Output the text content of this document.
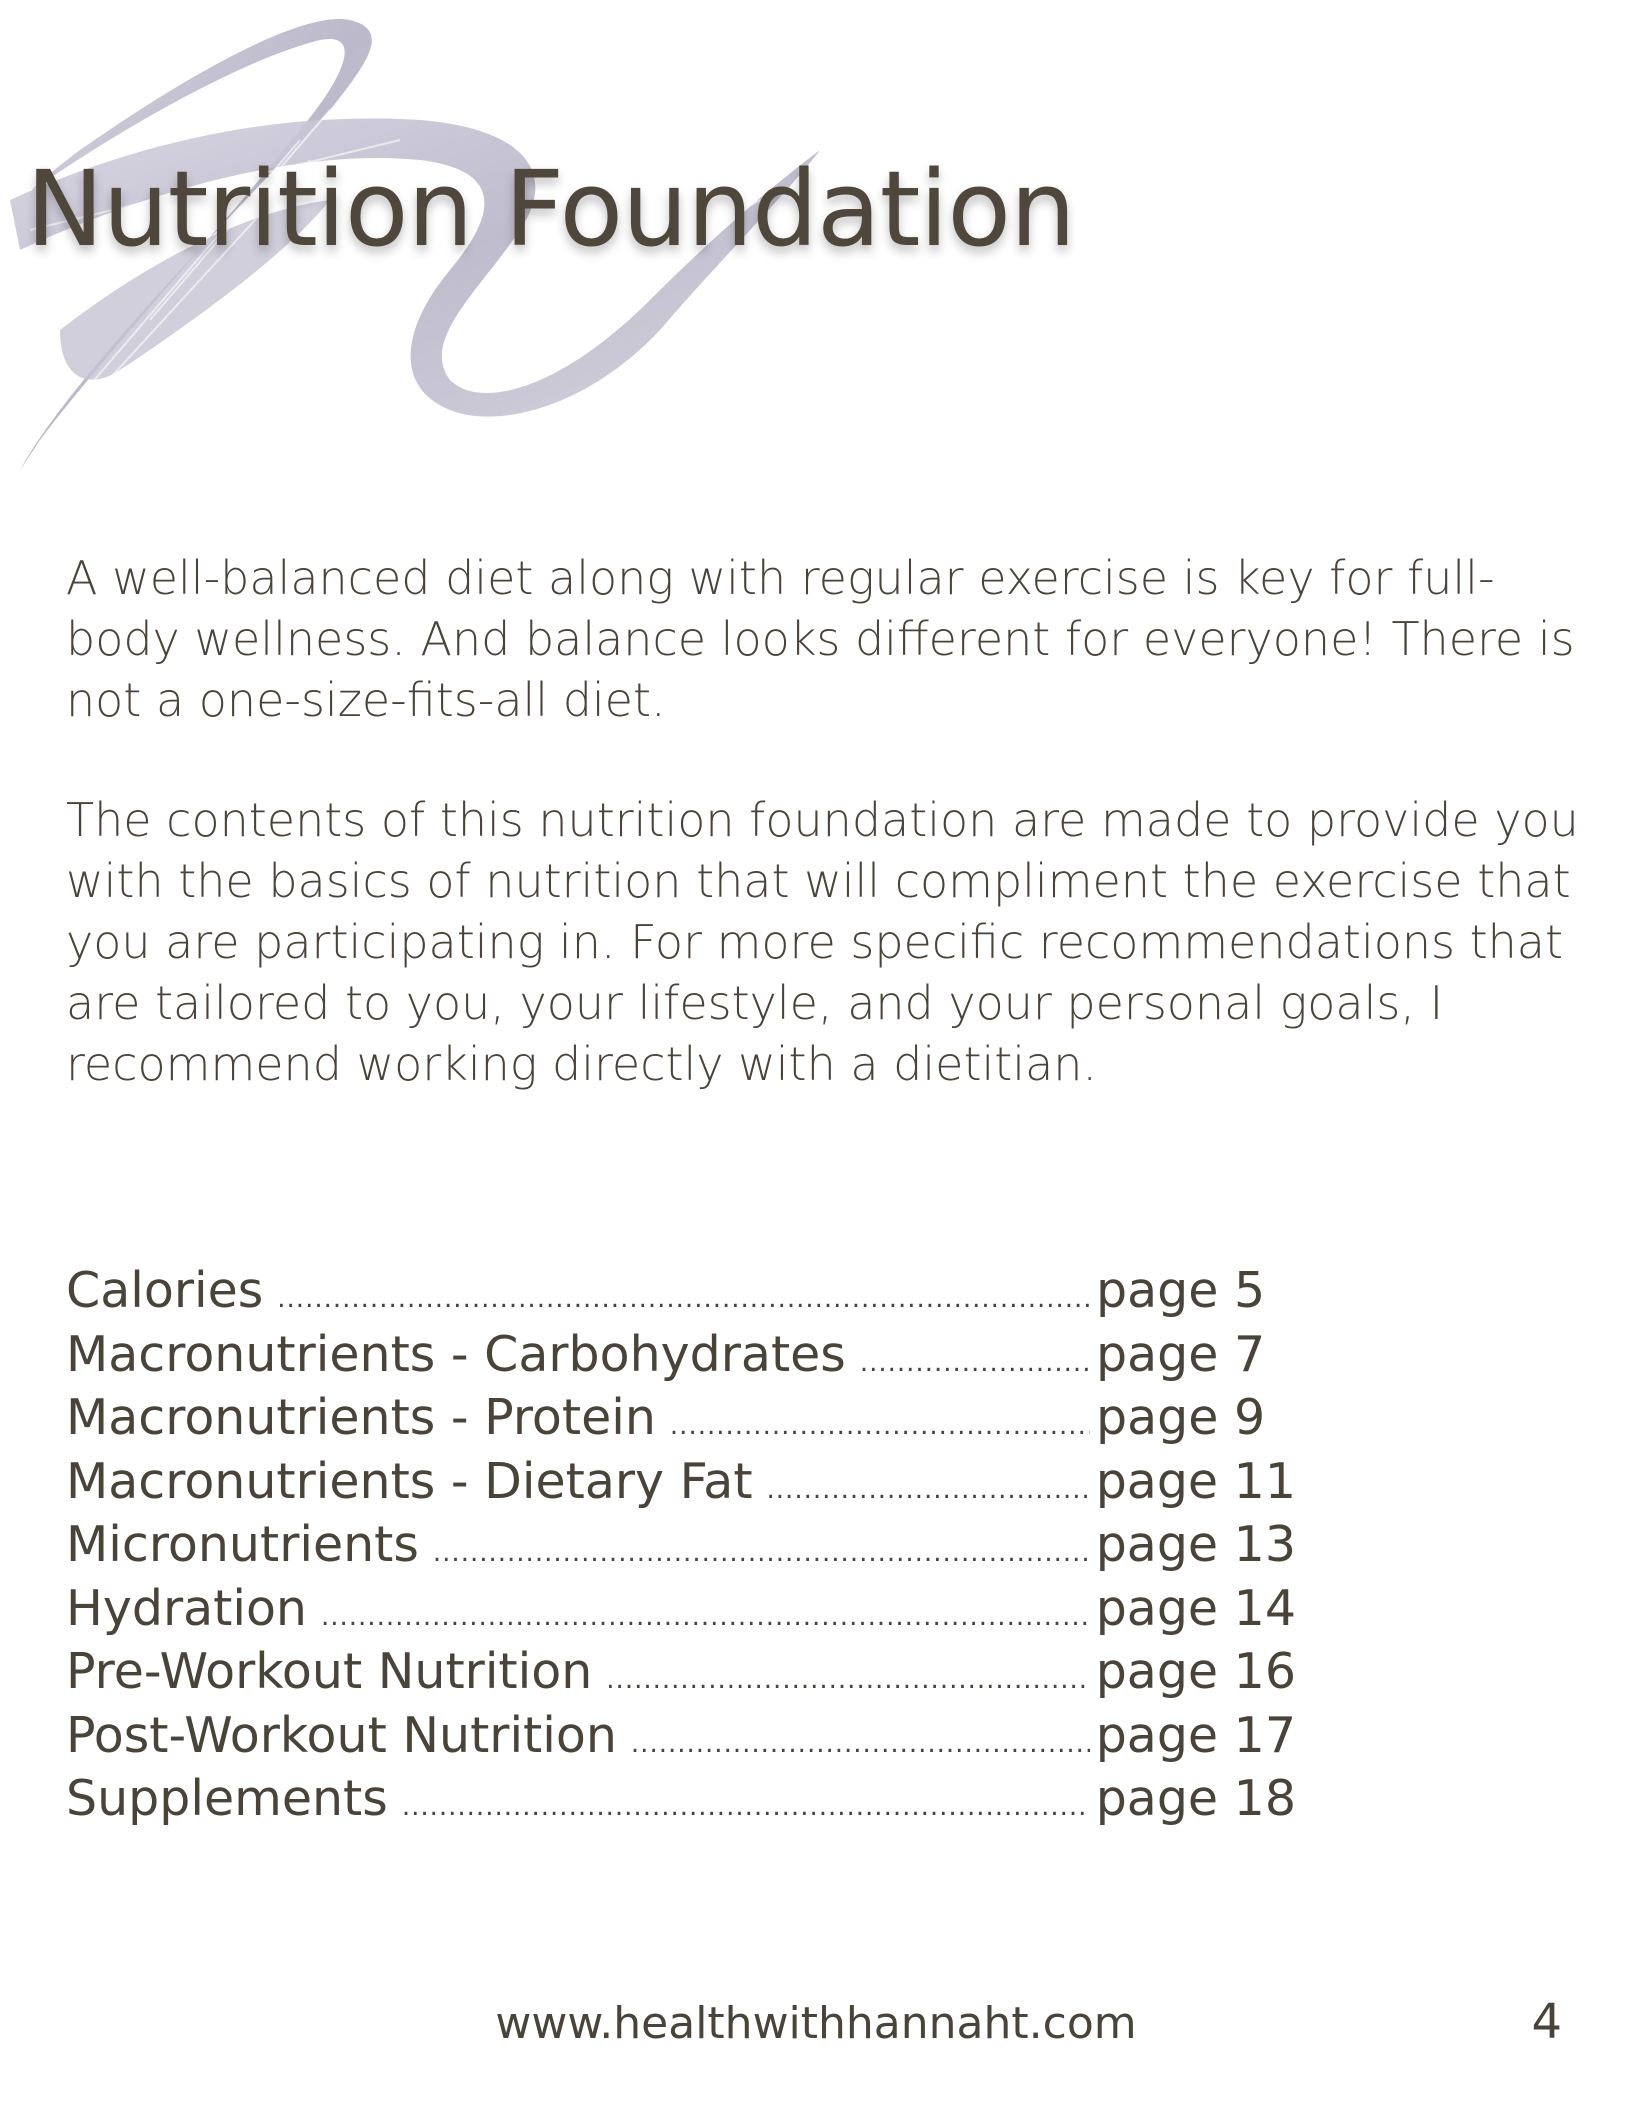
Nutrition Foundation

A well-balanced diet along with regular exercise is key for full-body wellness. And balance looks different for everyone! There is not a one-size-fits-all diet.

The contents of this nutrition foundation are made to provide you with the basics of nutrition that will compliment the exercise that you are participating in. For more specific recommendations that are tailored to you, your lifestyle, and your personal goals, I recommend working directly with a dietitian.

Calories .....	page 5
Macronutrients - Carbohydrates .....	page 7
Macronutrients - Protein .....	page 9
Macronutrients - Dietary Fat .....	page 11
Micronutrients .....	page 13
Hydration .....	page 14
Pre-Workout Nutrition .....	page 16
Post-Workout Nutrition .....	page 17
Supplements .....	page 18

www.healthwithhannaht.com	4
